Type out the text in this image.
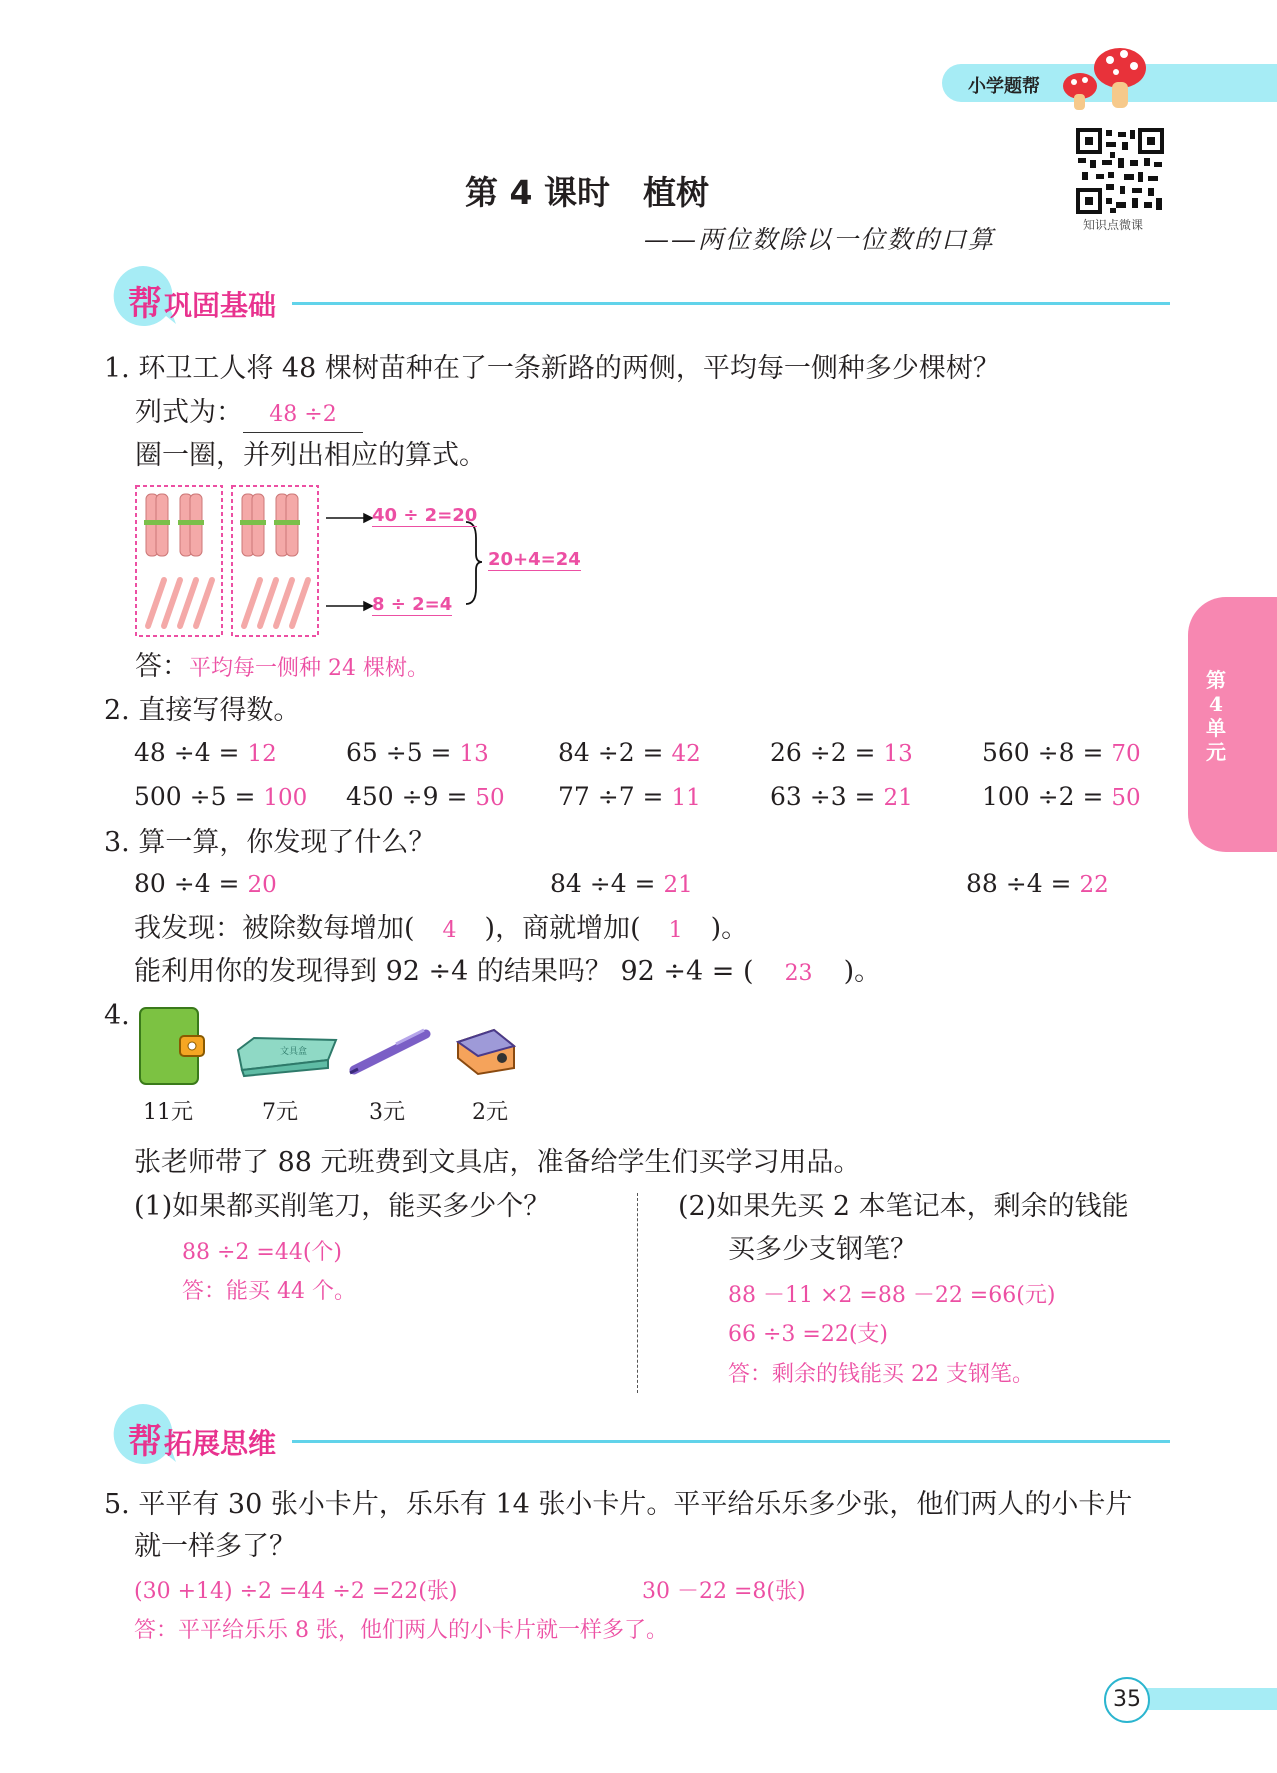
小学题帮
知识点微课
第 4 课时　植树
——两位数除以一位数的口算
第4单元
帮 巩固基础
1. 环卫工人将 48 棵树苗种在了一条新路的两侧，平均每一侧种多少棵树？
列式为： 48 ÷2
圈一圈，并列出相应的算式。
40 ÷ 2=20
8 ÷ 2=4
20+4=24
答：平均每一侧种 24 棵树。
2. 直接写得数。
48 ÷4 = 12	65 ÷5 = 13	84 ÷2 = 42	26 ÷2 = 13	560 ÷8 = 70
500 ÷5 = 100 450 ÷9 = 50 77 ÷7 = 11	63 ÷3 = 21	100 ÷2 = 50
3. 算一算，你发现了什么？
80 ÷4 = 20	84 ÷4 = 21	88 ÷4 = 22
我发现：被除数每增加( 4 )，商就增加( 1 )。
能利用你的发现得到 92 ÷4 的结果吗？ 92 ÷4 = ( 23 )。
4.
文具盒
11元	7元	3元	2元
张老师带了 88 元班费到文具店，准备给学生们买学习用品。
(1)如果都买削笔刀，能买多少个？
88 ÷2 =44(个)
答：能买 44 个。
(2)如果先买 2 本笔记本，剩余的钱能
买多少支钢笔？
88 －11 ×2 =88 －22 =66(元)
66 ÷3 =22(支)
答：剩余的钱能买 22 支钢笔。
帮 拓展思维
5. 平平有 30 张小卡片，乐乐有 14 张小卡片。平平给乐乐多少张，他们两人的小卡片
就一样多了？
(30 +14) ÷2 =44 ÷2 =22(张)	30 －22 =8(张)
答：平平给乐乐 8 张，他们两人的小卡片就一样多了。
35
